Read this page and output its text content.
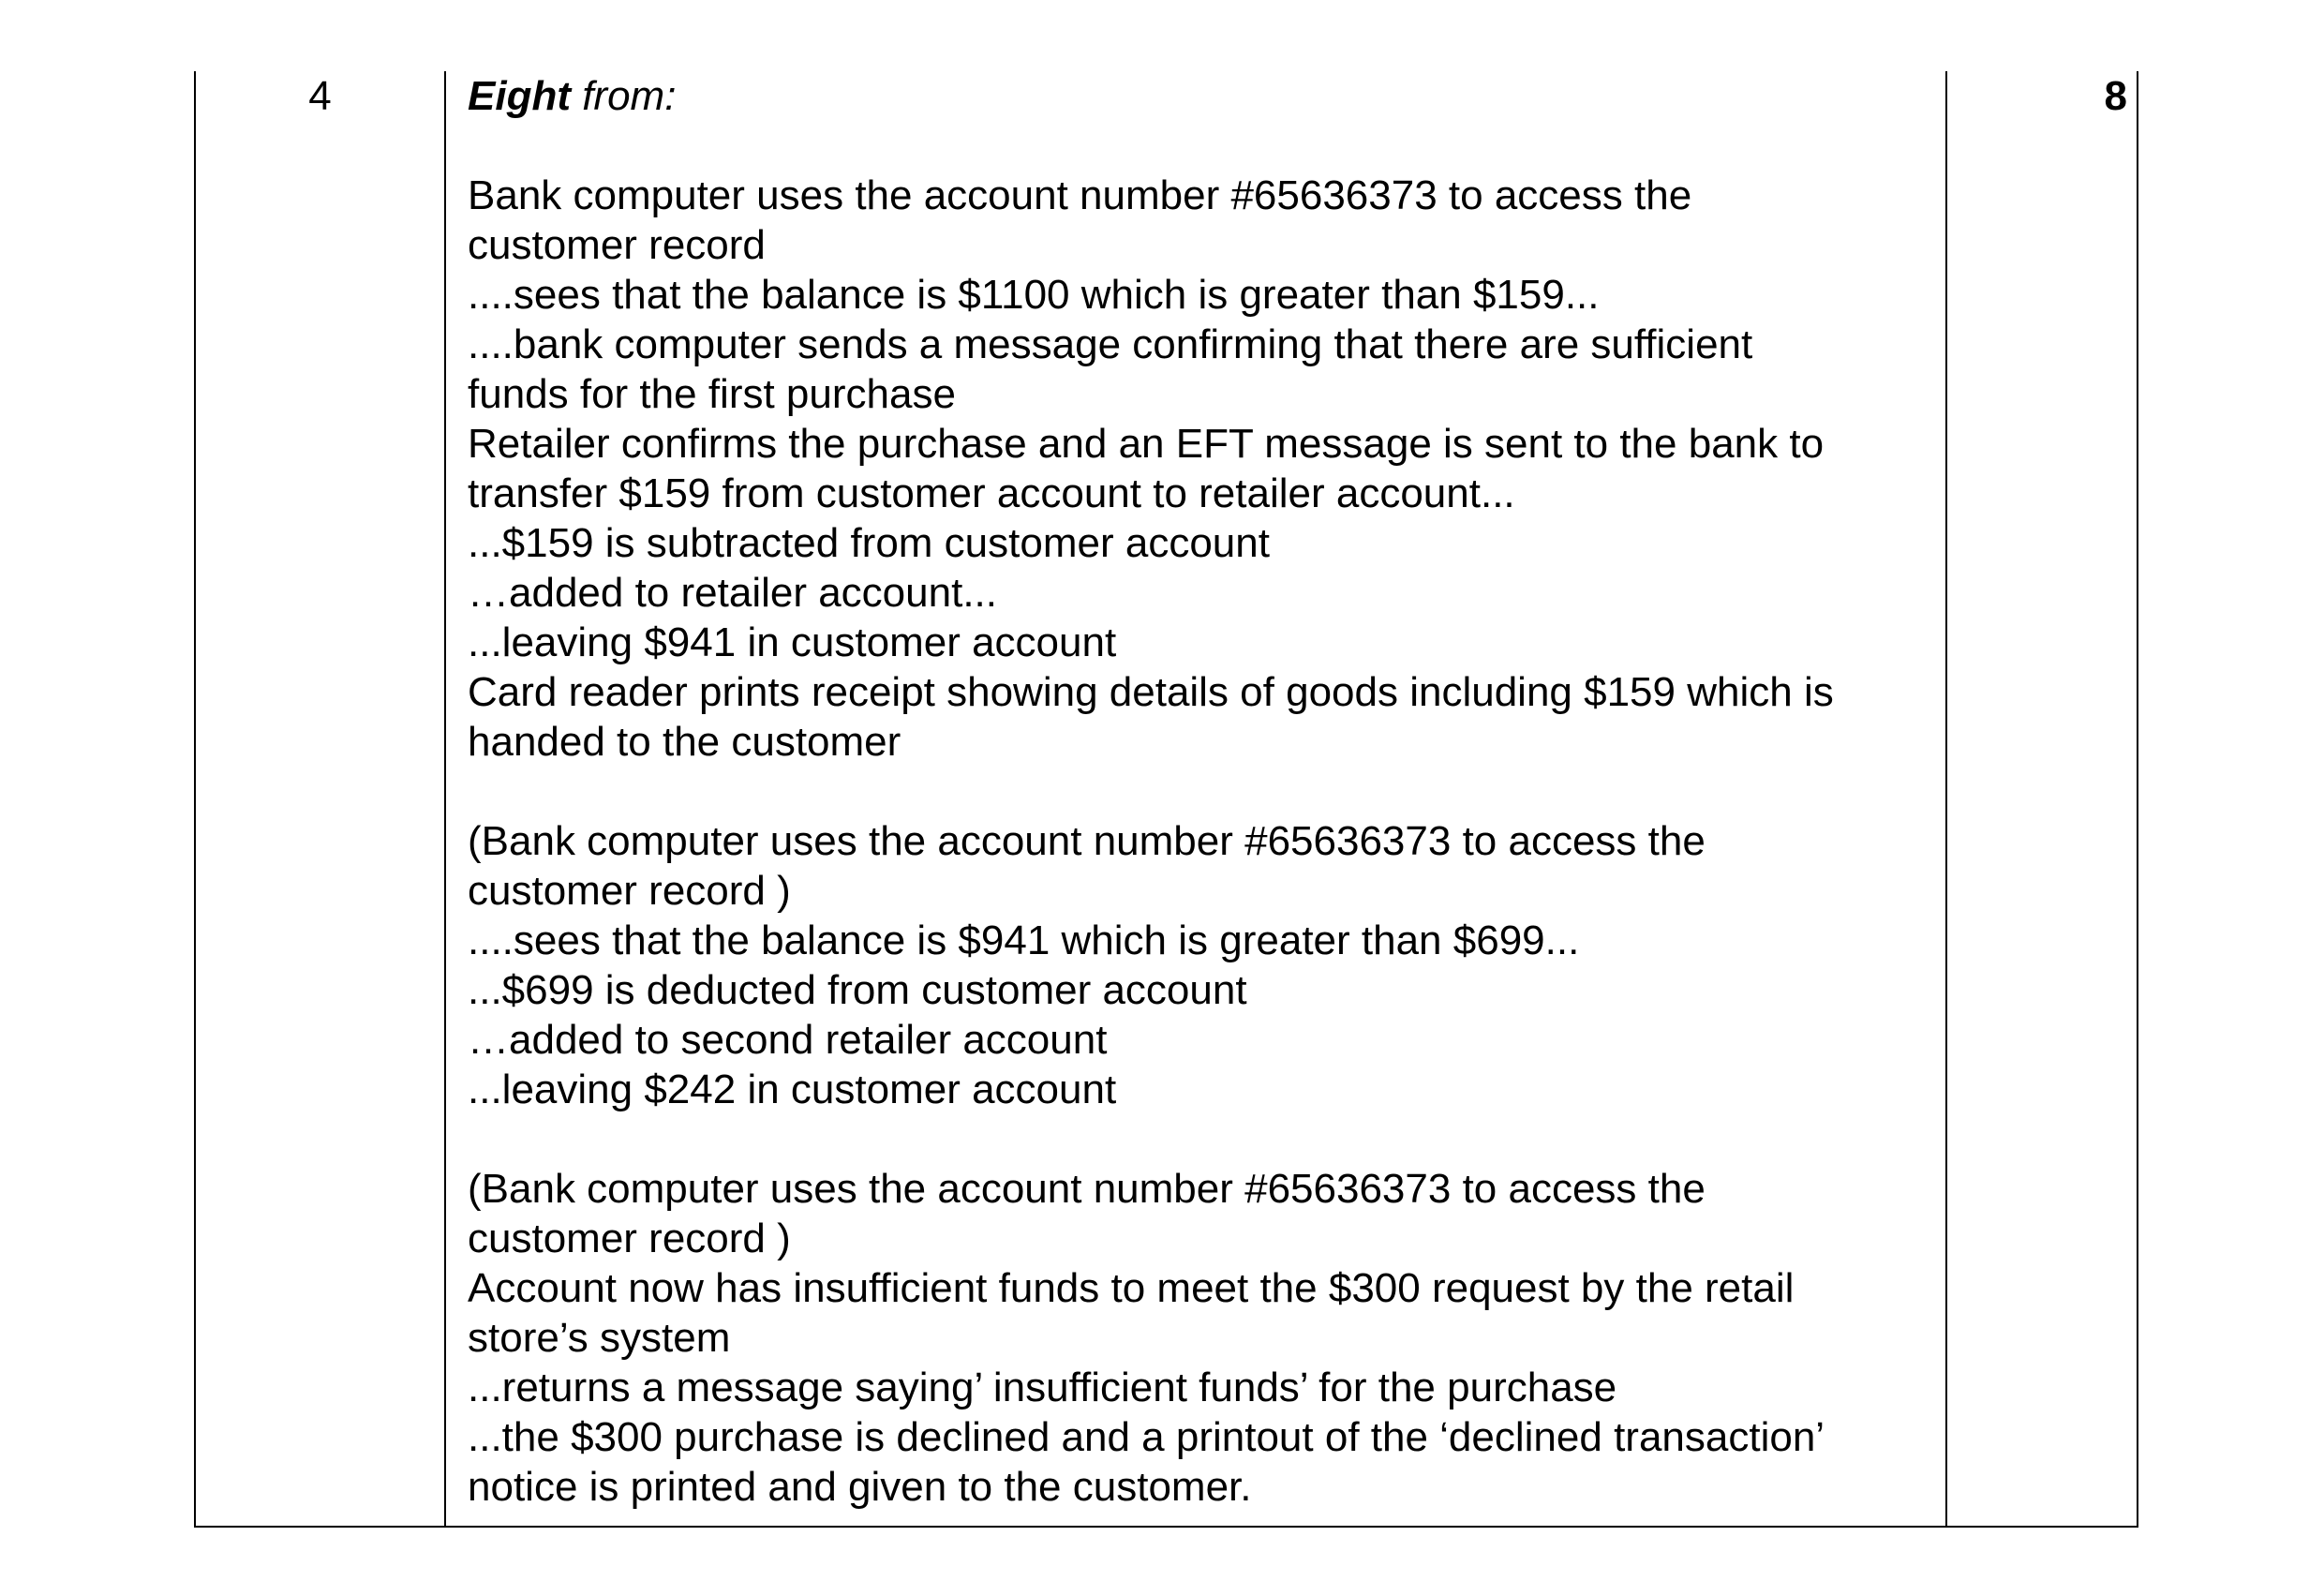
4	Eight from:

Bank computer uses the account number #65636373 to access the
customer record
....sees that the balance is $1100 which is greater than $159...
....bank computer sends a message confirming that there are sufficient
funds for the first purchase
Retailer confirms the purchase and an EFT message is sent to the bank to
transfer $159 from customer account to retailer account...
...$159 is subtracted from customer account
…added to retailer account...
...leaving $941 in customer account
Card reader prints receipt showing details of goods including $159 which is
handed to the customer
(Bank computer uses the account number #65636373 to access the
customer record )
....sees that the balance is $941 which is greater than $699...
...$699 is deducted from customer account
…added to second retailer account
...leaving $242 in customer account
(Bank computer uses the account number #65636373 to access the
customer record )
Account now has insufficient funds to meet the $300 request by the retail
store’s system
...returns a message saying’ insufficient funds’ for the purchase
...the $300 purchase is declined and a printout of the ‘declined transaction’
notice is printed and given to the customer.
8
